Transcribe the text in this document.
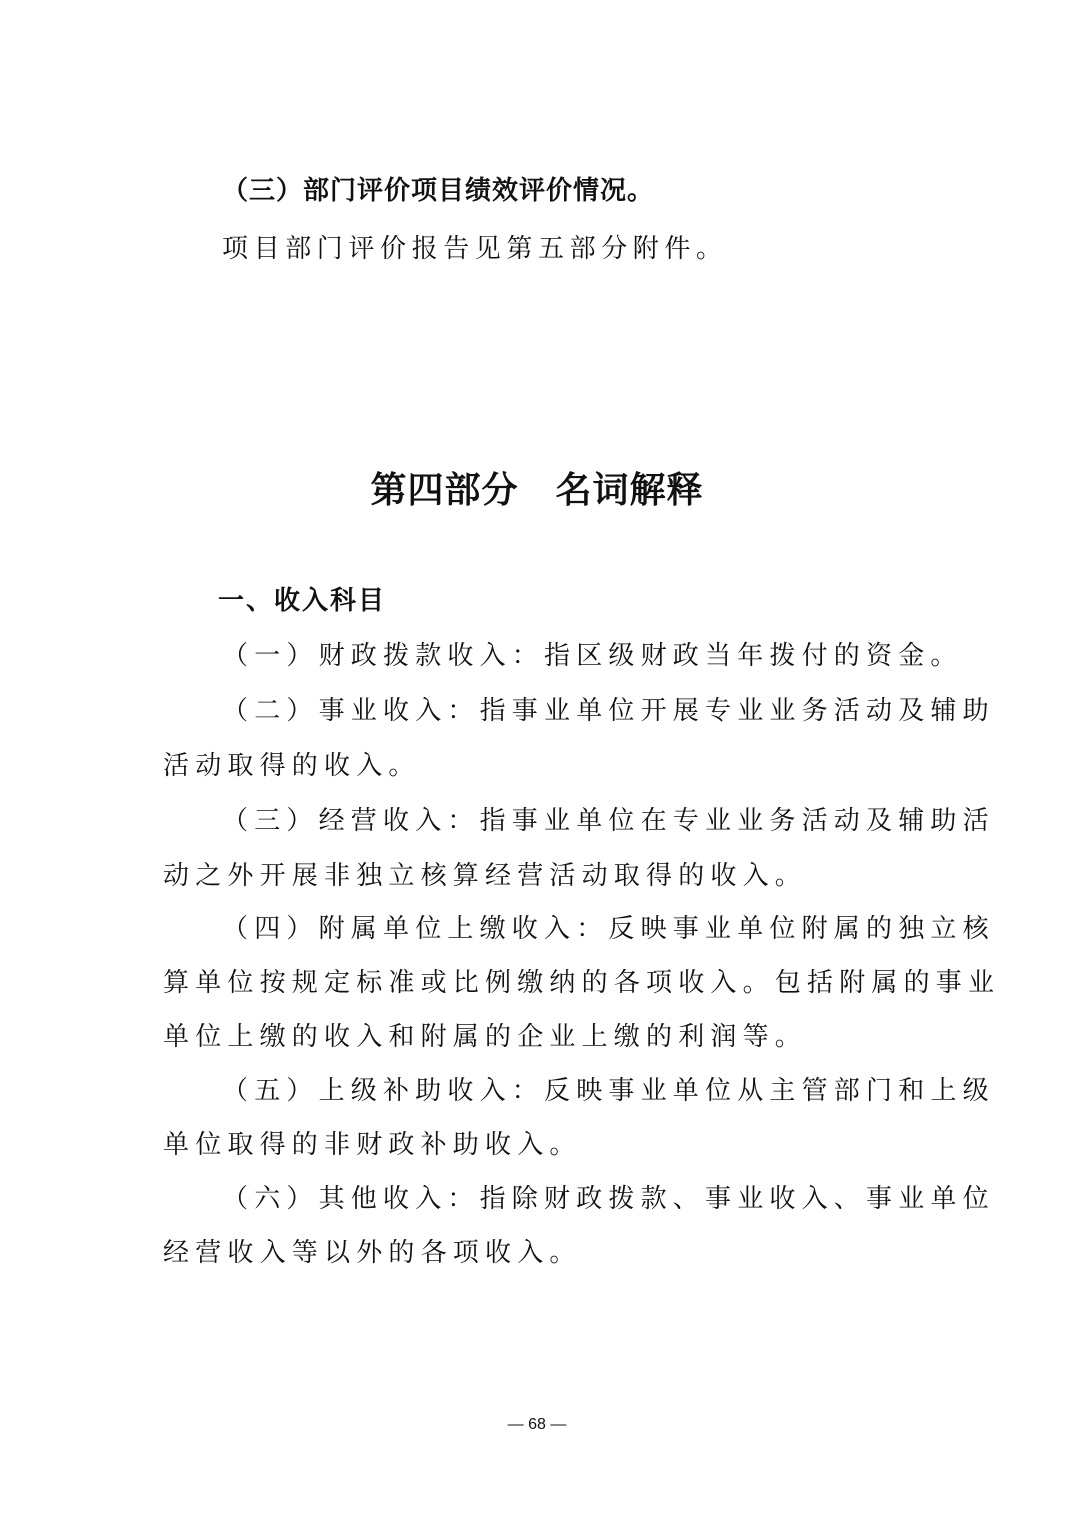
（三）部门评价项目绩效评价情况。

项目部门评价报告见第五部分附件。

第四部分　名词解释

一、收入科目

（一）财政拨款收入：指区级财政当年拨付的资金。

（二）事业收入：指事业单位开展专业业务活动及辅助

活动取得的收入。

（三）经营收入：指事业单位在专业业务活动及辅助活

动之外开展非独立核算经营活动取得的收入。

（四）附属单位上缴收入：反映事业单位附属的独立核

算单位按规定标准或比例缴纳的各项收入。包括附属的事业

单位上缴的收入和附属的企业上缴的利润等。

（五）上级补助收入：反映事业单位从主管部门和上级

单位取得的非财政补助收入。

（六）其他收入：指除财政拨款、事业收入、事业单位

经营收入等以外的各项收入。

— 68 —
